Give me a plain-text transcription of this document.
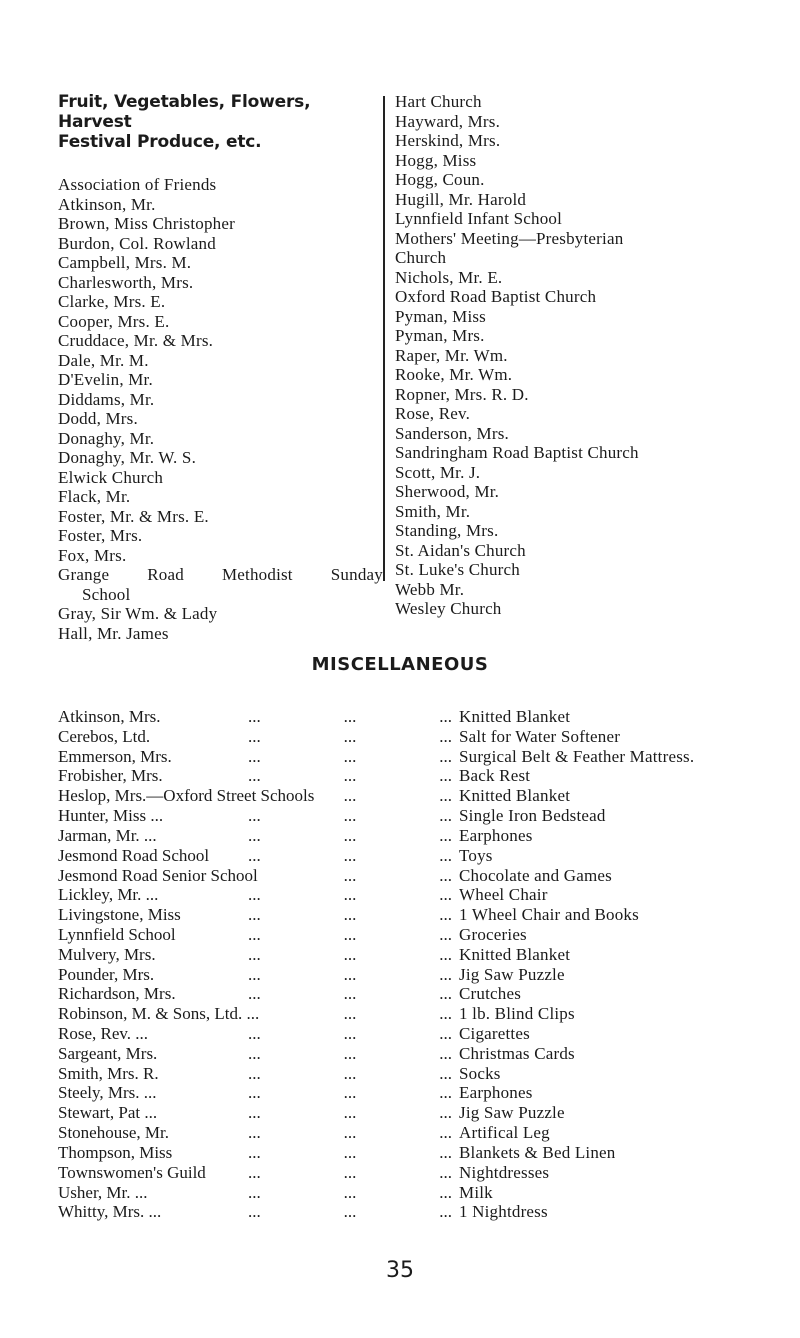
Fruit, Vegetables, Flowers, Harvest
Festival Produce, etc.
Association of Friends
Atkinson, Mr.
Brown, Miss Christopher
Burdon, Col. Rowland
Campbell, Mrs. M.
Charlesworth, Mrs.
Clarke, Mrs. E.
Cooper, Mrs. E.
Cruddace, Mr. & Mrs.
Dale, Mr. M.
D'Evelin, Mr.
Diddams, Mr.
Dodd, Mrs.
Donaghy, Mr.
Donaghy, Mr. W. S.
Elwick Church
Flack, Mr.
Foster, Mr. & Mrs. E.
Foster, Mrs.
Fox, Mrs.
Grange Road Methodist Sunday
School
Gray, Sir Wm. & Lady
Hall, Mr. James
Hart Church
Hayward, Mrs.
Herskind, Mrs.
Hogg, Miss
Hogg, Coun.
Hugill, Mr. Harold
Lynnfield Infant School
Mothers' Meeting—Presbyterian
Church
Nichols, Mr. E.
Oxford Road Baptist Church
Pyman, Miss
Pyman, Mrs.
Raper, Mr. Wm.
Rooke, Mr. Wm.
Ropner, Mrs. R. D.
Rose, Rev.
Sanderson, Mrs.
Sandringham Road Baptist Church
Scott, Mr. J.
Sherwood, Mr.
Smith, Mr.
Standing, Mrs.
St. Aidan's Church
St. Luke's Church
Webb Mr.
Wesley Church
MISCELLANEOUS
Atkinson, Mrs.	...	...	... Knitted Blanket
Cerebos, Ltd.	...	...	... Salt for Water Softener
Emmerson, Mrs.	...	...	... Surgical Belt & Feather Mattress.
Frobisher, Mrs.	...	...	... Back Rest
Heslop, Mrs.—Oxford Street Schools ...	... Knitted Blanket
Hunter, Miss ...	...	...	... Single Iron Bedstead
Jarman, Mr. ...	...	...	... Earphones
Jesmond Road School ...	...	... Toys
Jesmond Road Senior School	...	... Chocolate and Games
Lickley, Mr. ...	...	...	... Wheel Chair
Livingstone, Miss	...	...	... 1 Wheel Chair and Books
Lynnfield School	...	...	... Groceries
Mulvery, Mrs.	...	...	... Knitted Blanket
Pounder, Mrs.	...	...	... Jig Saw Puzzle
Richardson, Mrs.	...	...	... Crutches
Robinson, M. & Sons, Ltd. ...	...	... 1 lb. Blind Clips
Rose, Rev. ...	...	...	... Cigarettes
Sargeant, Mrs.	...	...	... Christmas Cards
Smith, Mrs. R.	...	...	... Socks
Steely, Mrs. ...	...	...	... Earphones
Stewart, Pat ...	...	...	... Jig Saw Puzzle
Stonehouse, Mr.	...	...	... Artifical Leg
Thompson, Miss	...	...	... Blankets & Bed Linen
Townswomen's Guild ...	...	... Nightdresses
Usher, Mr. ...	...	...	... Milk
Whitty, Mrs. ...	...	...	... 1 Nightdress
35
